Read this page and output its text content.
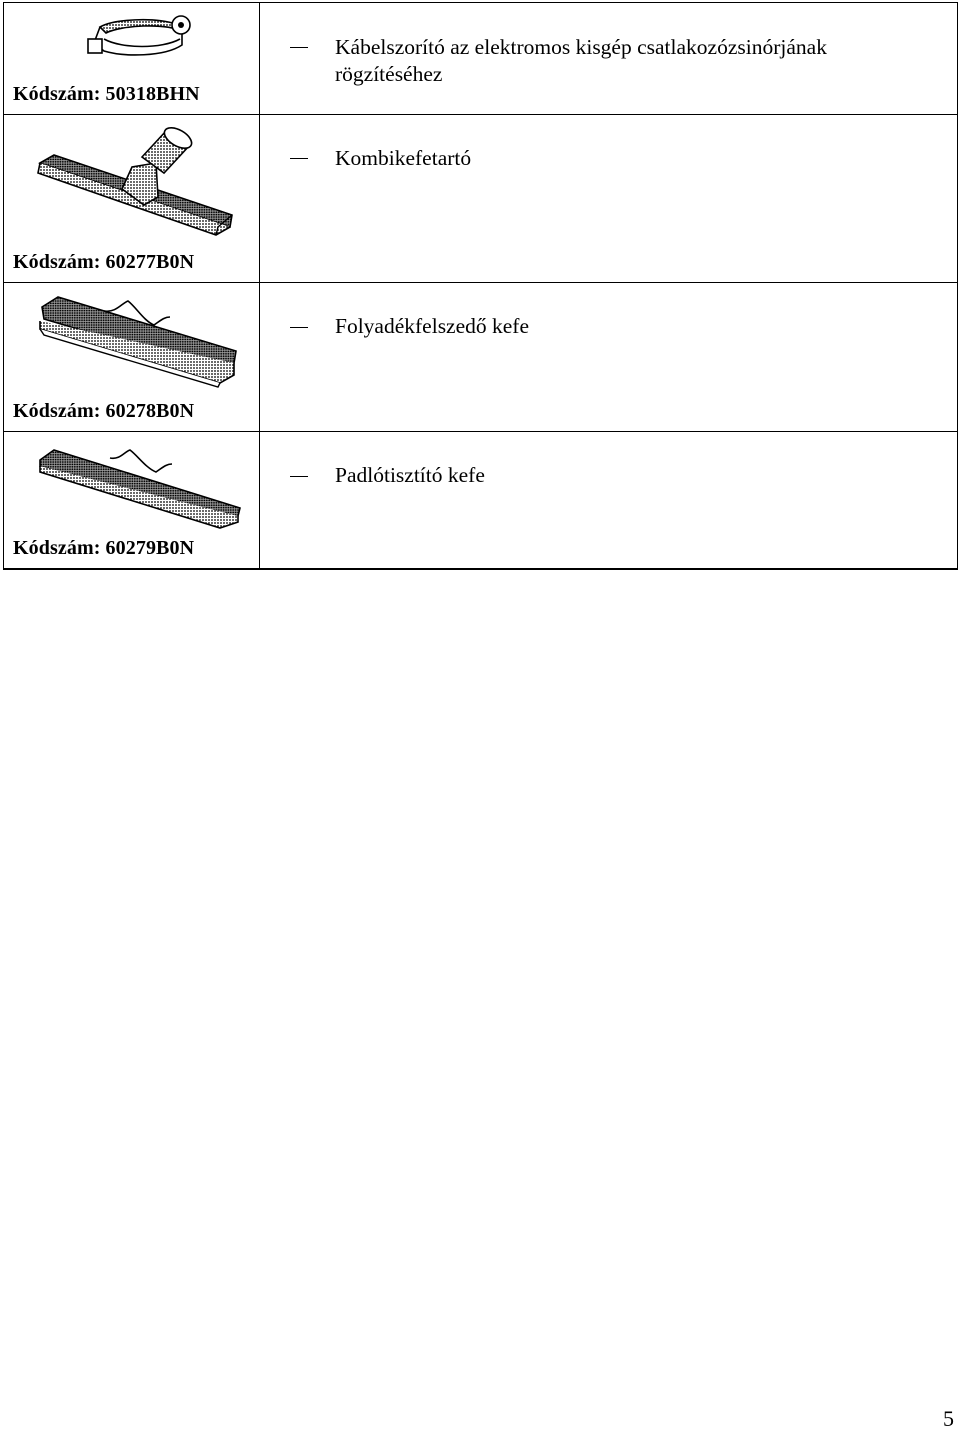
Kódszám: 50318BHN	Kábelszorító az elektromos kisgép csatlakozózsinórjának rögzítéséhez

Kódszám: 60277B0N	Kombikefetartó

Kódszám: 60278B0N	Folyadékfelszedő kefe

Kódszám: 60279B0N	Padlótisztító kefe
5
